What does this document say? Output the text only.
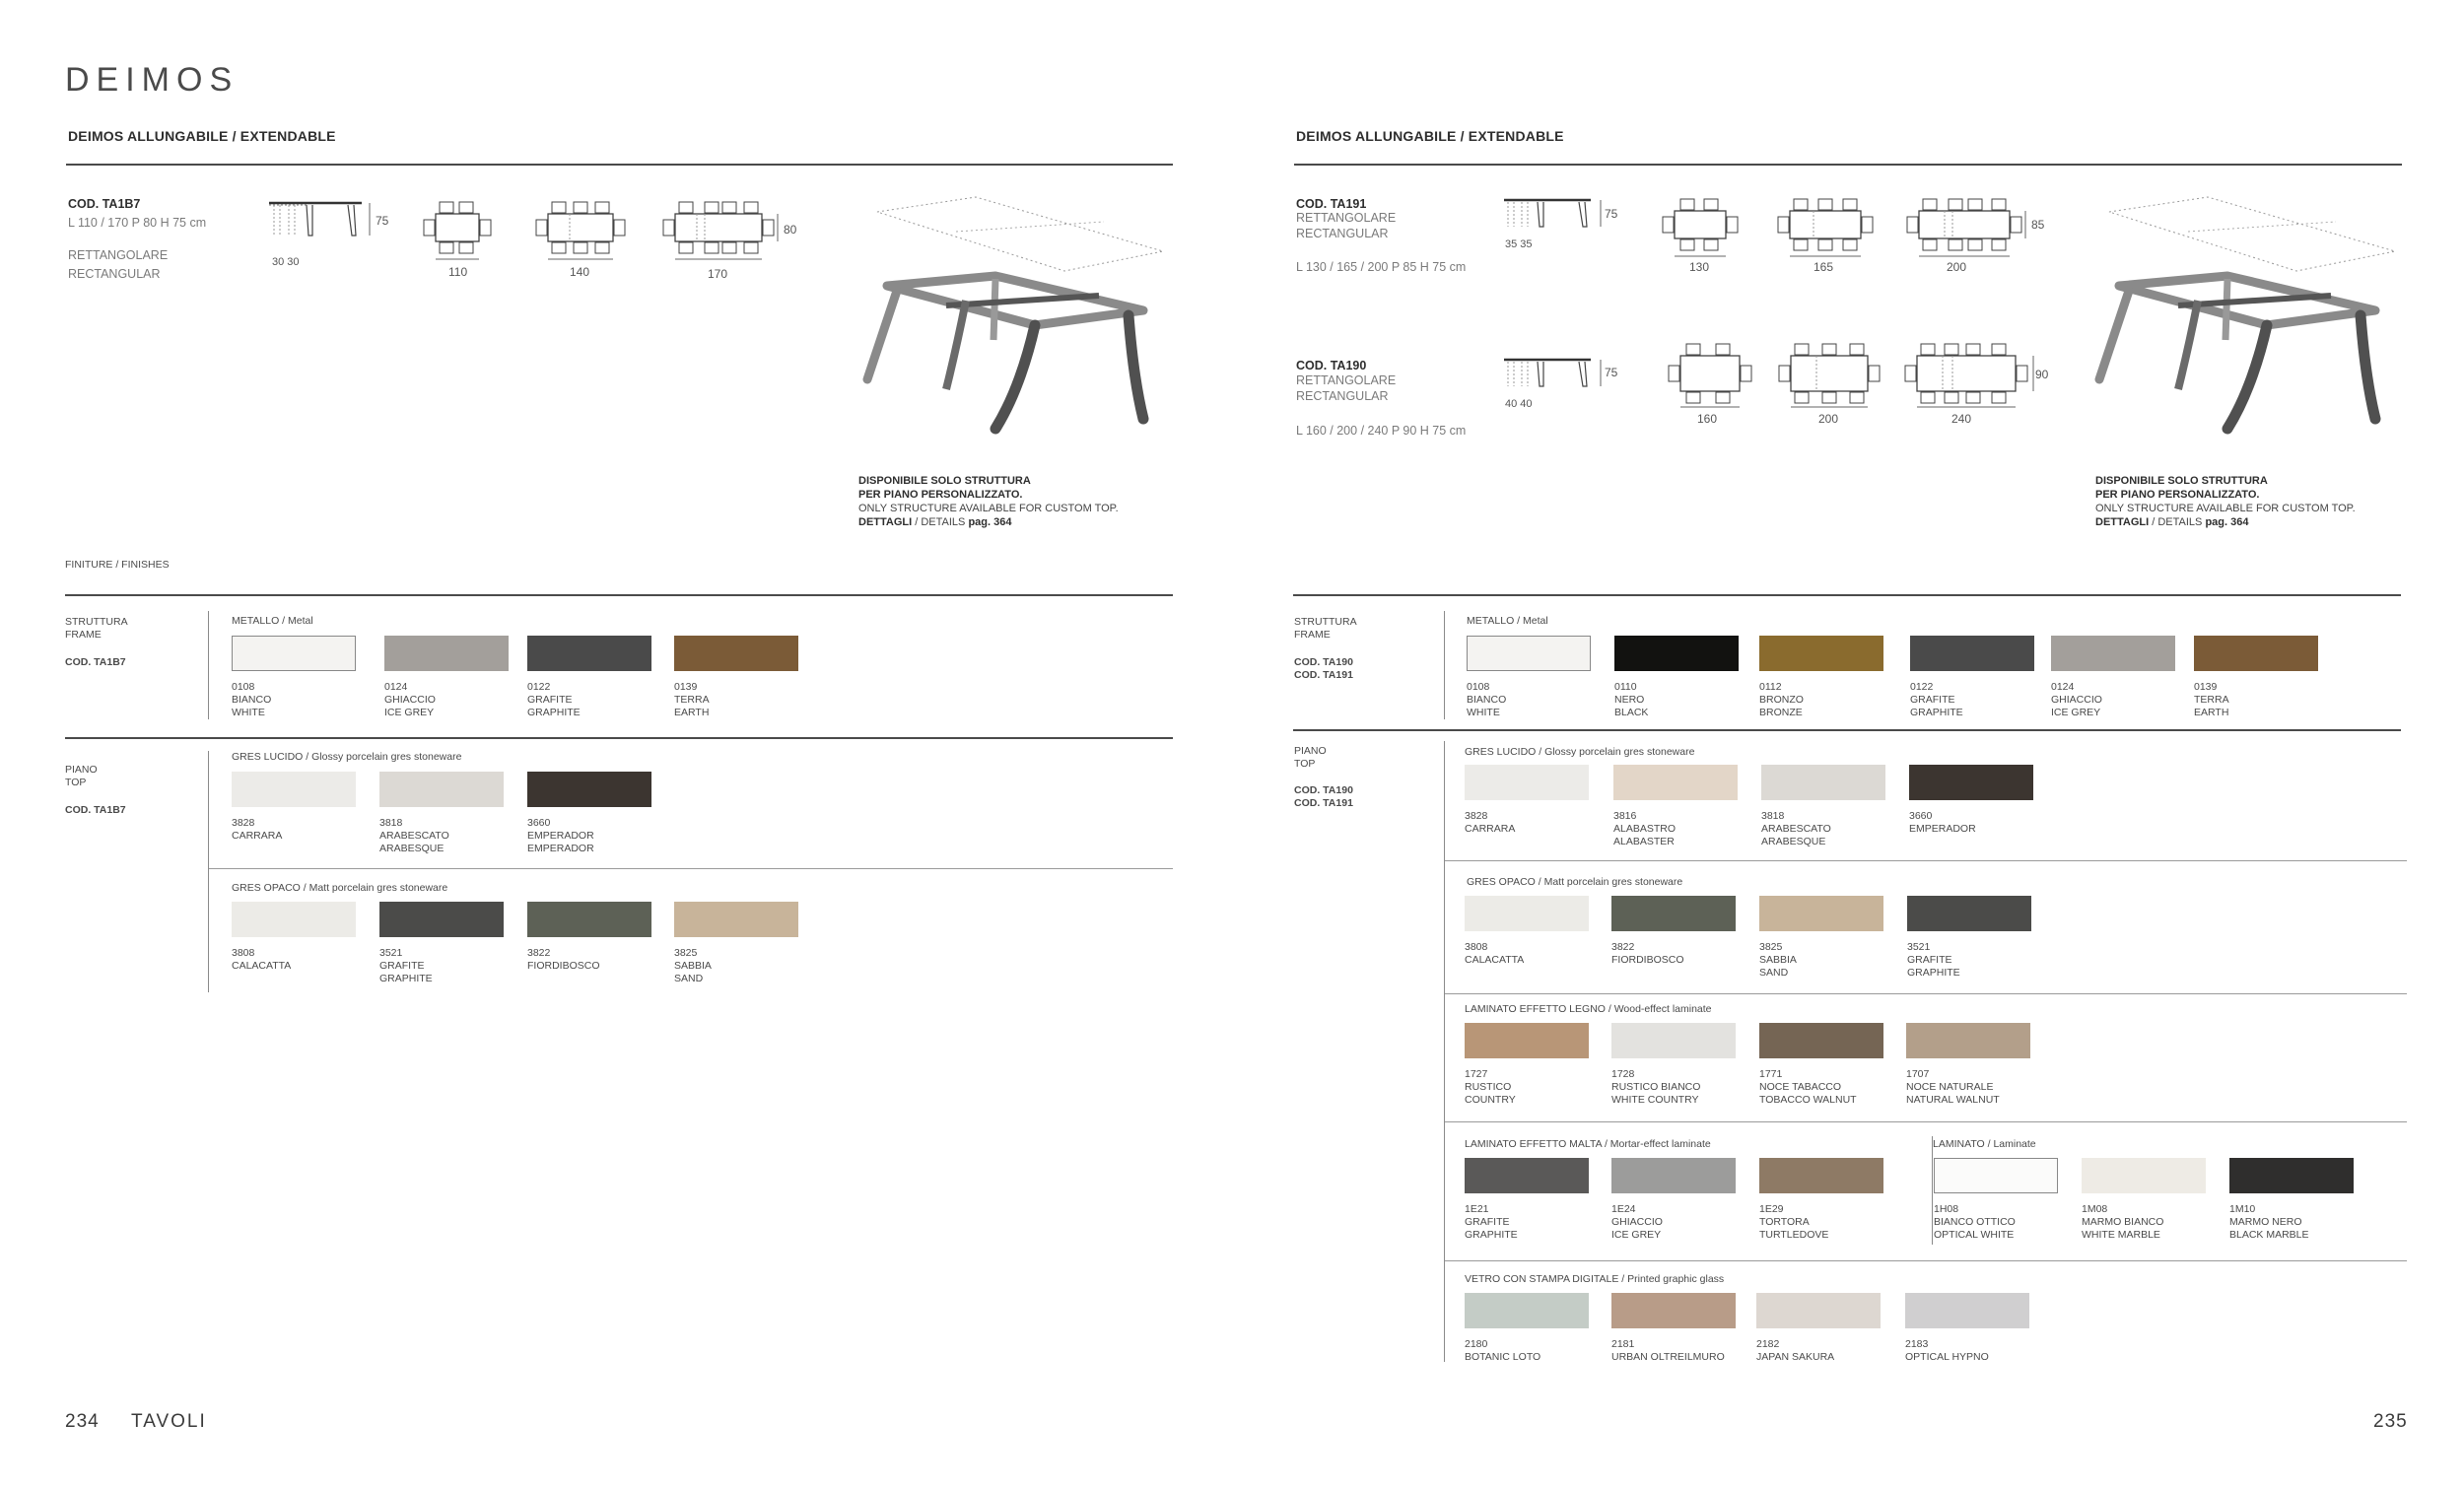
DEIMOS
DEIMOS ALLUNGABILE / EXTENDABLE
COD. TA1B7
L 110 / 170 P 80 H 75 cm
RETTANGOLARE
RECTANGULAR
75
30 30
110	140
80
170
DISPONIBILE SOLO STRUTTURA
PER PIANO PERSONALIZZATO.
ONLY STRUCTURE AVAILABLE FOR CUSTOM TOP.
DETTAGLI / DETAILS pag. 364
FINITURE / FINISHES
STRUTTURA
FRAME
COD. TA1B7
METALLO / Metal
0108
BIANCO
WHITE
0124
GHIACCIO
ICE GREY
0122
GRAFITE
GRAPHITE
0139
TERRA
EARTH
PIANO
TOP
COD. TA1B7
GRES LUCIDO / Glossy porcelain gres stoneware
3828
CARRARA
3818
ARABESCATO
ARABESQUE
3660
EMPERADOR
EMPERADOR
GRES OPACO / Matt porcelain gres stoneware
3808
CALACATTA
3521
GRAFITE
GRAPHITE
3822
FIORDIBOSCO
3825
SABBIA
SAND
234 TAVOLI
DEIMOS ALLUNGABILE / EXTENDABLE
COD. TA191
RETTANGOLARE
RECTANGULAR
L 130 / 165 / 200 P 85 H 75 cm
75
35 35
130	165
85
200
COD. TA190
RETTANGOLARE
RECTANGULAR
L 160 / 200 / 240 P 90 H 75 cm
75
40 40
160	200
90
240
DISPONIBILE SOLO STRUTTURA
PER PIANO PERSONALIZZATO.
ONLY STRUCTURE AVAILABLE FOR CUSTOM TOP.
DETTAGLI / DETAILS pag. 364
STRUTTURA
FRAME
COD. TA190
COD. TA191
METALLO / Metal
0108
BIANCO
WHITE
0110
NERO
BLACK
0112
BRONZO
BRONZE
0122
GRAFITE
GRAPHITE
0124
GHIACCIO
ICE GREY
0139
TERRA
EARTH
PIANO
TOP
COD. TA190
COD. TA191
GRES LUCIDO / Glossy porcelain gres stoneware
3828
CARRARA
3816
ALABASTRO
ALABASTER
3818
ARABESCATO
ARABESQUE
3660
EMPERADOR
GRES OPACO / Matt porcelain gres stoneware
3808
CALACATTA
3822
FIORDIBOSCO
3825
SABBIA
SAND
3521
GRAFITE
GRAPHITE
LAMINATO EFFETTO LEGNO / Wood-effect laminate
1727
RUSTICO
COUNTRY
1728
RUSTICO BIANCO
WHITE COUNTRY
1771
NOCE TABACCO
TOBACCO WALNUT
1707
NOCE NATURALE
NATURAL WALNUT
LAMINATO EFFETTO MALTA / Mortar-effect laminate	LAMINATO / Laminate
1E21
GRAFITE
GRAPHITE
1E24
GHIACCIO
ICE GREY
1E29
TORTORA
TURTLEDOVE
1H08
BIANCO OTTICO
OPTICAL WHITE
1M08
MARMO BIANCO
WHITE MARBLE
1M10
MARMO NERO
BLACK MARBLE
VETRO CON STAMPA DIGITALE / Printed graphic glass
2180
BOTANIC LOTO
2181
URBAN OLTREILMURO
2182
JAPAN SAKURA
2183
OPTICAL HYPNO
235
